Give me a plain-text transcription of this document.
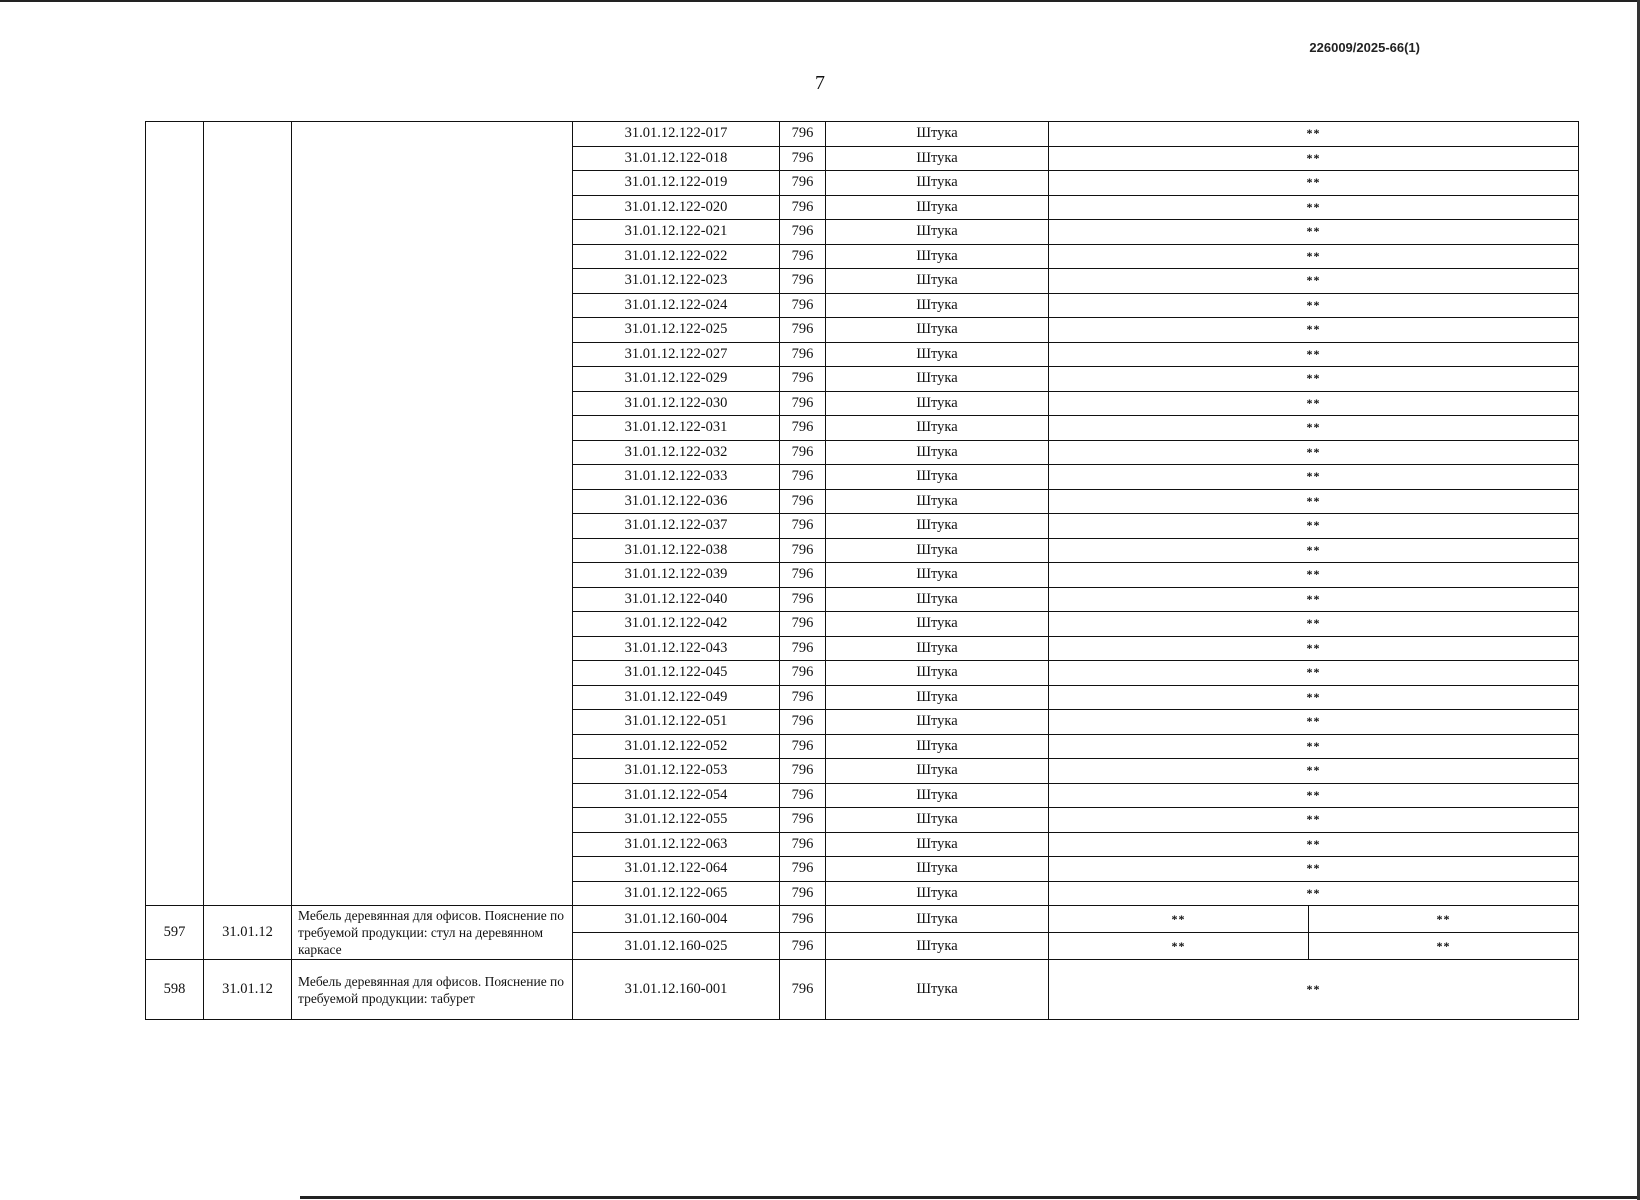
226009/2025-66(1)
7
			31.01.12.122-017	796	Штука	**	
			31.01.12.122-018	796	Штука	**	
			31.01.12.122-019	796	Штука	**	
			31.01.12.122-020	796	Штука	**	
			31.01.12.122-021	796	Штука	**	
			31.01.12.122-022	796	Штука	**	
			31.01.12.122-023	796	Штука	**	
			31.01.12.122-024	796	Штука	**	
			31.01.12.122-025	796	Штука	**	
			31.01.12.122-027	796	Штука	**	
			31.01.12.122-029	796	Штука	**	
			31.01.12.122-030	796	Штука	**	
			31.01.12.122-031	796	Штука	**	
			31.01.12.122-032	796	Штука	**	
			31.01.12.122-033	796	Штука	**	
			31.01.12.122-036	796	Штука	**	
			31.01.12.122-037	796	Штука	**	
			31.01.12.122-038	796	Штука	**	
			31.01.12.122-039	796	Штука	**	
			31.01.12.122-040	796	Штука	**	
			31.01.12.122-042	796	Штука	**	
			31.01.12.122-043	796	Штука	**	
			31.01.12.122-045	796	Штука	**	
			31.01.12.122-049	796	Штука	**	
			31.01.12.122-051	796	Штука	**	
			31.01.12.122-052	796	Штука	**	
			31.01.12.122-053	796	Штука	**	
			31.01.12.122-054	796	Штука	**	
			31.01.12.122-055	796	Штука	**	
			31.01.12.122-063	796	Штука	**	
			31.01.12.122-064	796	Штука	**	
			31.01.12.122-065	796	Штука	**	
597	31.01.12	Мебель деревянная для офисов. Пояснение по требуемой продукции: стул на деревянном каркасе	31.01.12.160-004	796	Штука	**	**
			31.01.12.160-025	796	Штука	**	**
598	31.01.12	Мебель деревянная для офисов. Пояснение по требуемой продукции: табурет	31.01.12.160-001	796	Штука	**	
